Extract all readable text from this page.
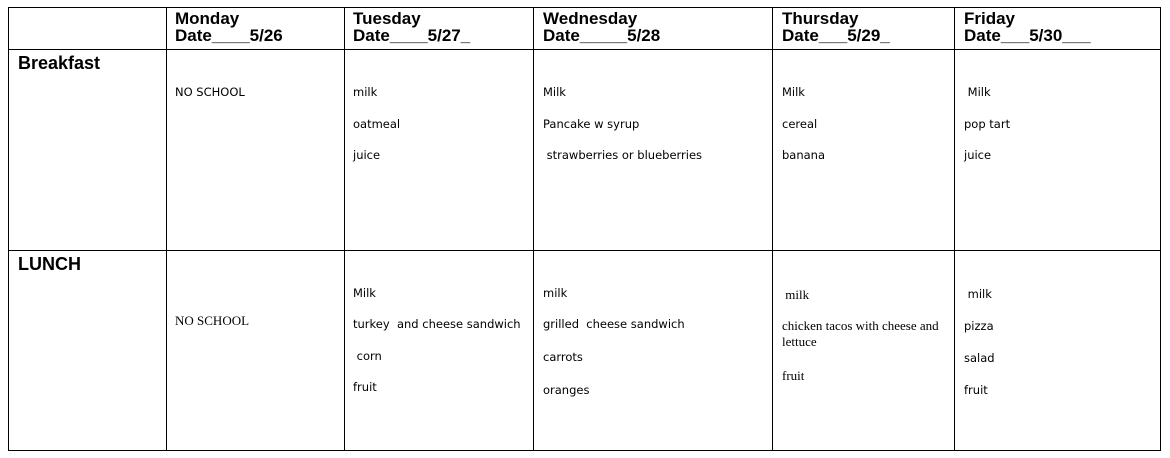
Monday
Date____5/26
Tuesday
Date____5/27_
Wednesday
Date_____5/28
Thursday
Date___5/29_
Friday
Date___5/30___
Breakfast
LUNCH
NO SCHOOL	milk
oatmeal
juice
Milk
Pancake w syrup
strawberries or blueberries
Milk
cereal
banana
Milk
pop tart
juice
NO SCHOOL
Milk
turkey  and cheese sandwich
corn
fruit
milk
grilled  cheese sandwich
carrots
oranges
milk
chicken tacos with cheese and lettuce
fruit
milk
pizza
salad
fruit
